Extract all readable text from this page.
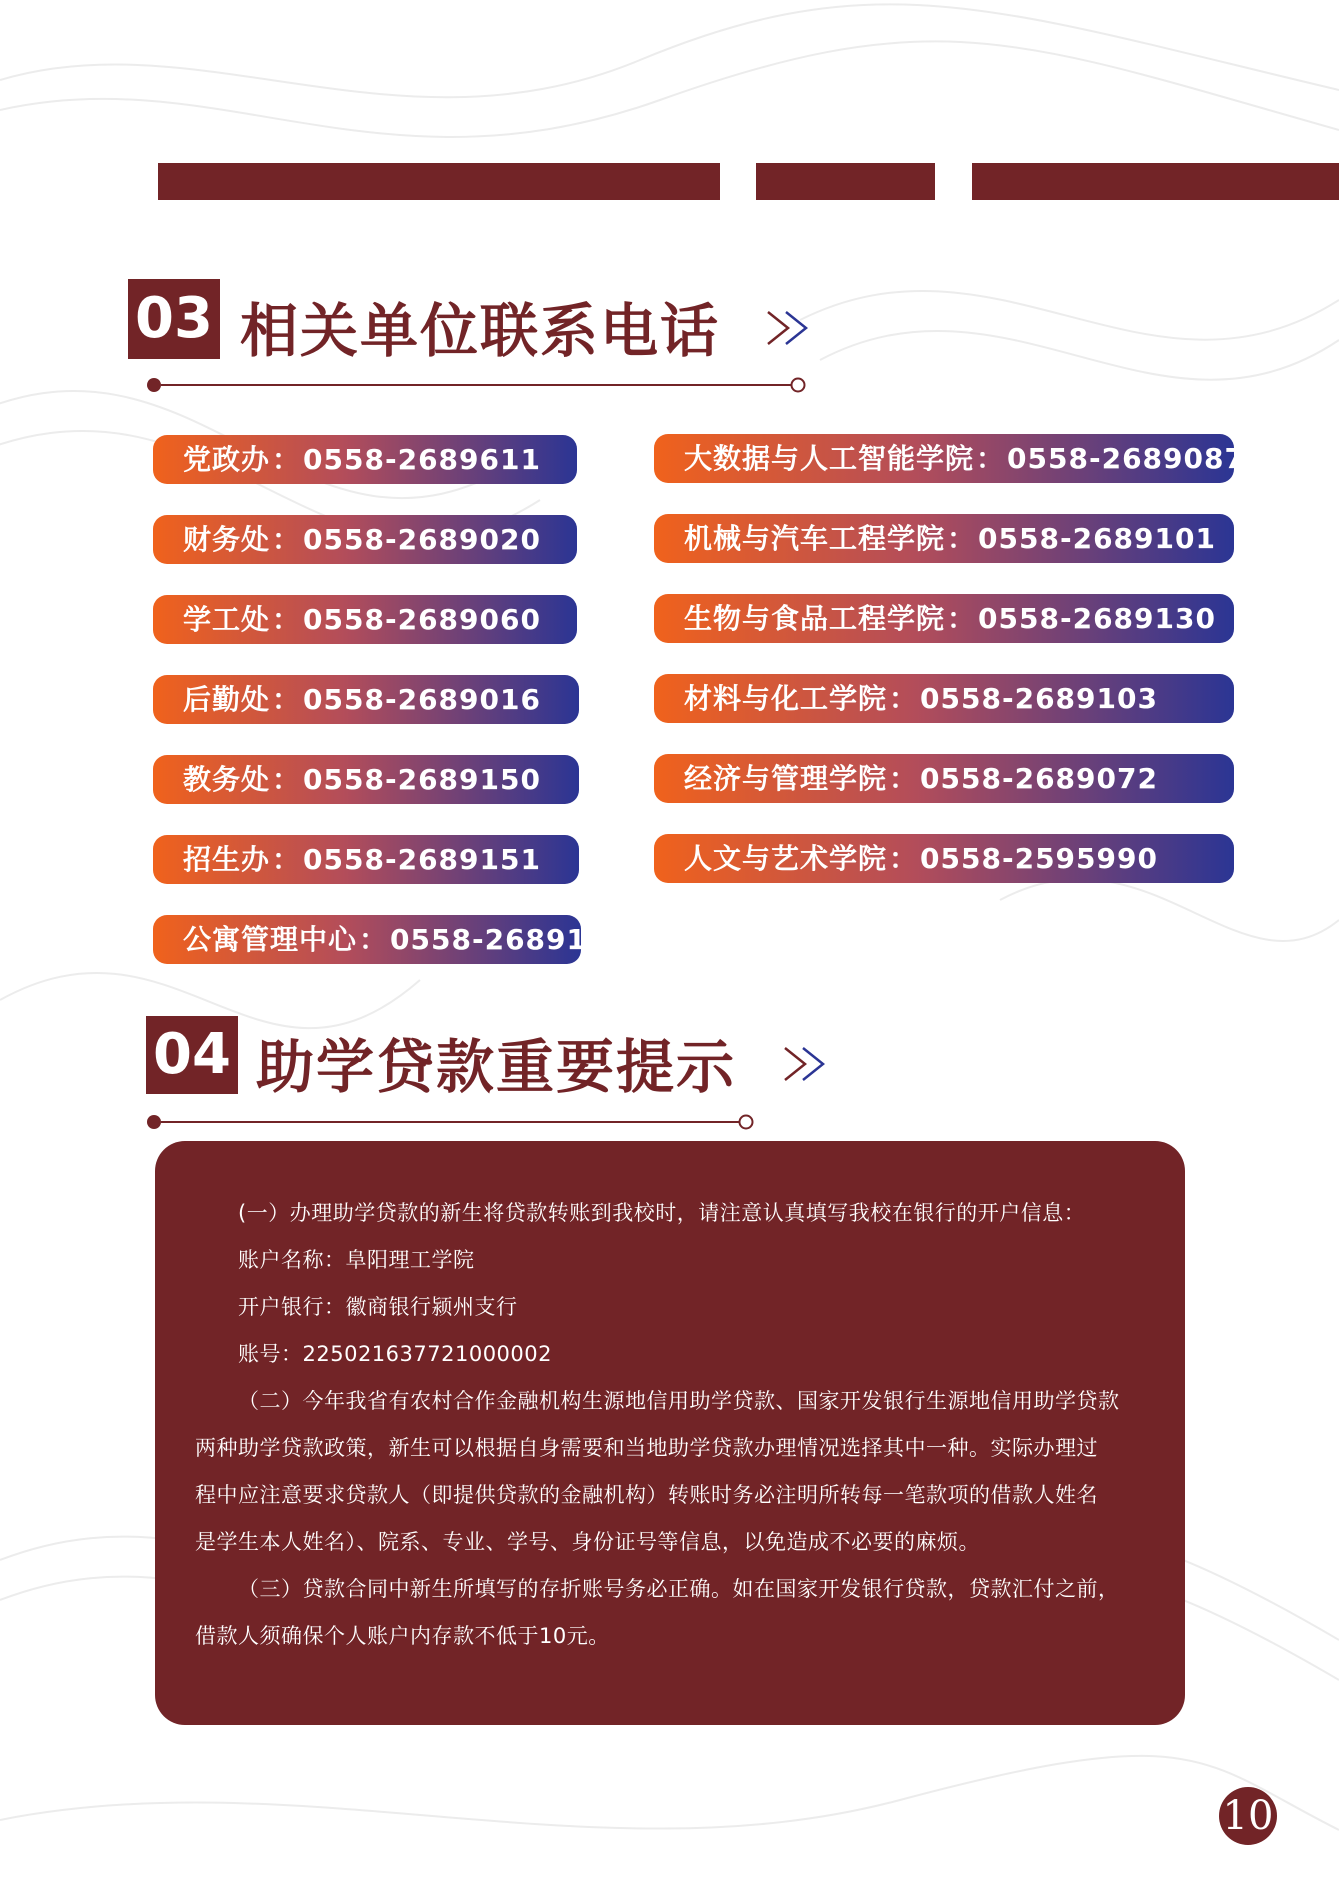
03 相关单位联系电话
党政办：0558-2689611
财务处：0558-2689020
学工处：0558-2689060
后勤处：0558-2689016
教务处：0558-2689150
招生办：0558-2689151
公寓管理中心：0558-2689170
大数据与人工智能学院：0558-2689087
机械与汽车工程学院：0558-2689101
生物与食品工程学院：0558-2689130
材料与化工学院：0558-2689103
经济与管理学院：0558-2689072
人文与艺术学院：0558-2595990
04 助学贷款重要提示
(一）办理助学贷款的新生将贷款转账到我校时，请注意认真填写我校在银行的开户信息：
账户名称：阜阳理工学院
开户银行：徽商银行颍州支行
账号：225021637721000002
（二）今年我省有农村合作金融机构生源地信用助学贷款、国家开发银行生源地信用助学贷款
两种助学贷款政策，新生可以根据自身需要和当地助学贷款办理情况选择其中一种。实际办理过
程中应注意要求贷款人（即提供贷款的金融机构）转账时务必注明所转每一笔款项的借款人姓名
是学生本人姓名）、院系、专业、学号、身份证号等信息，以免造成不必要的麻烦。
（三）贷款合同中新生所填写的存折账号务必正确。如在国家开发银行贷款，贷款汇付之前，
借款人须确保个人账户内存款不低于10元。
10
